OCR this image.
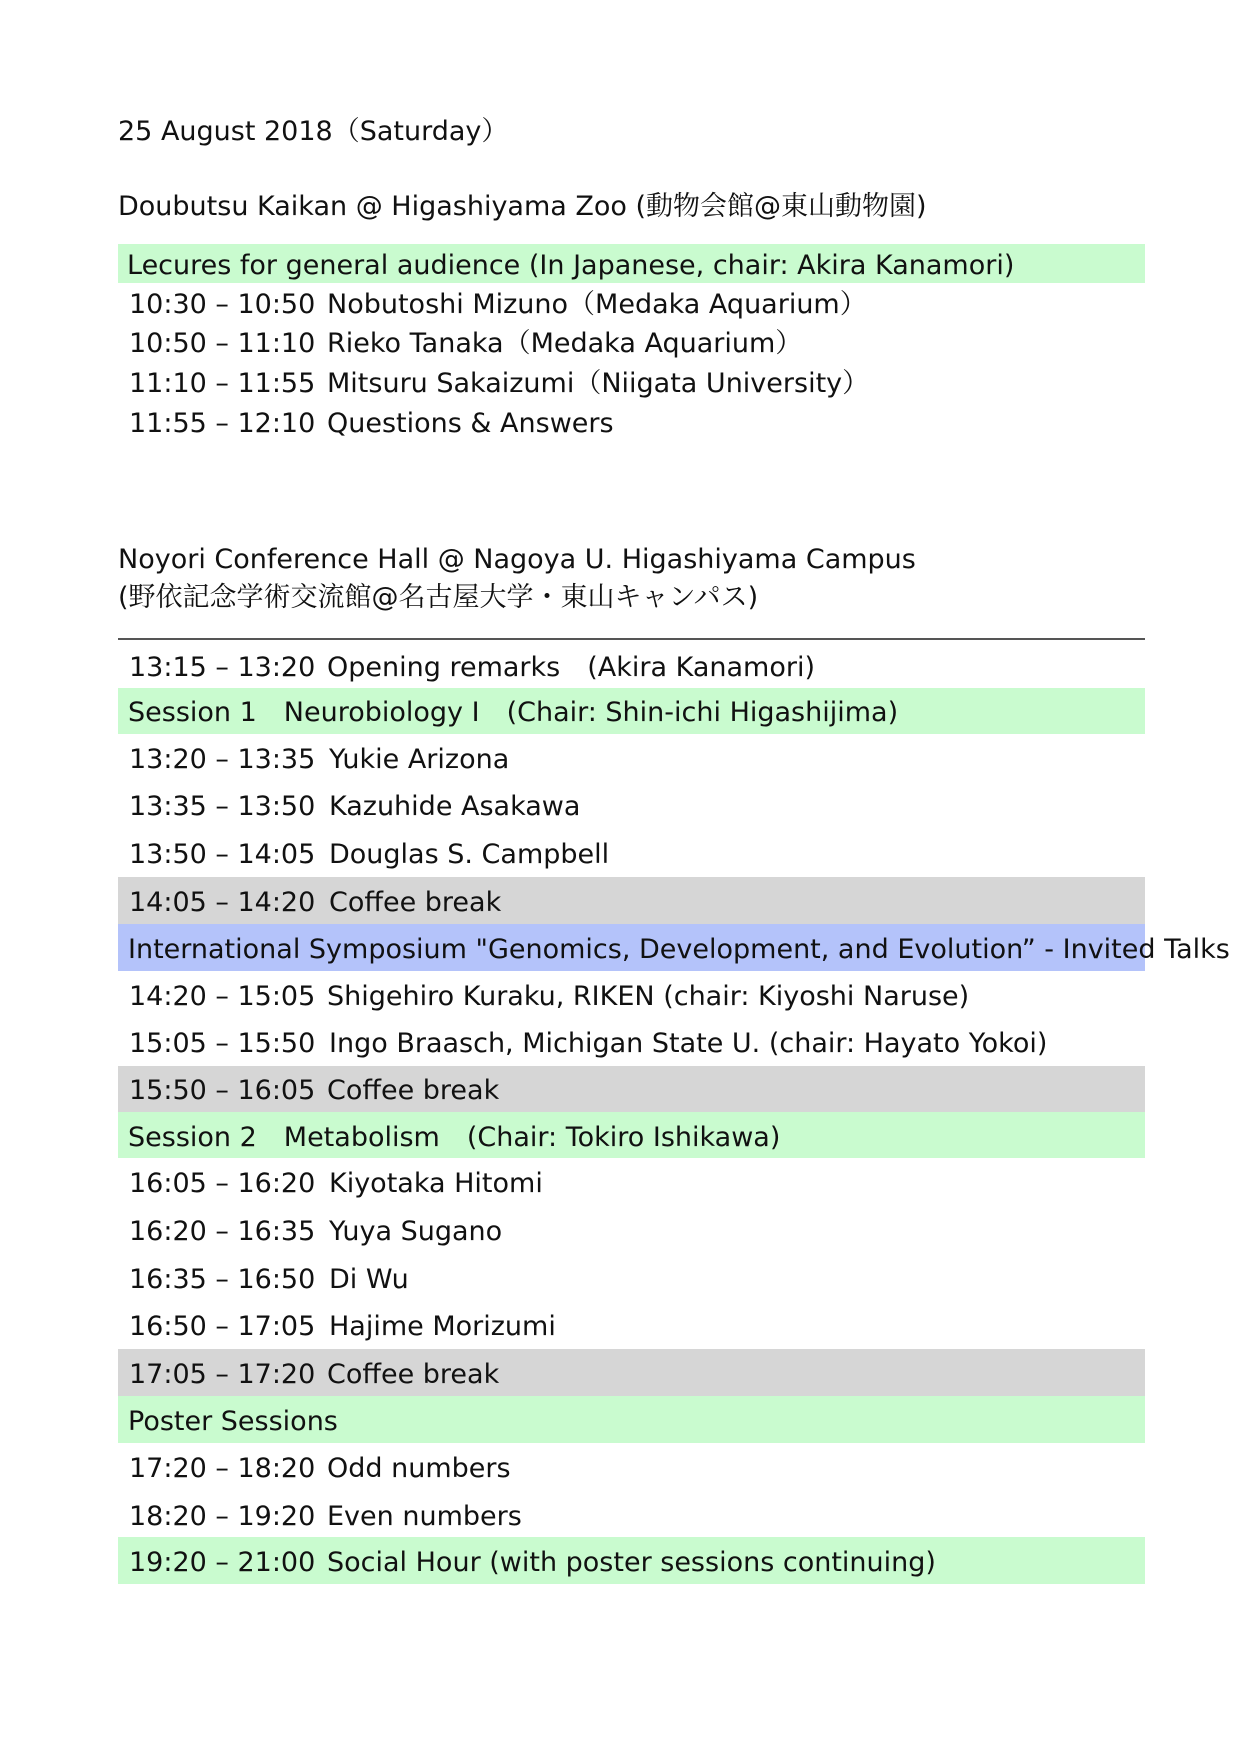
25 August 2018（Saturday）
Doubutsu Kaikan @ Higashiyama Zoo (動物会館@東山動物園)
Lecures for general audience (In Japanese, chair: Akira Kanamori)
10:30 – 10:50 Nobutoshi Mizuno（Medaka Aquarium）
10:50 – 11:10 Rieko Tanaka（Medaka Aquarium）
11:10 – 11:55 Mitsuru Sakaizumi（Niigata University）
11:55 – 12:10 Questions & Answers
Noyori Conference Hall @ Nagoya U. Higashiyama Campus
(野依記念学術交流館@名古屋大学・東山キャンパス)
13:15 – 13:20 Opening remarks　(Akira Kanamori)
Session 1　Neurobiology I　(Chair: Shin-ichi Higashijima)
13:20 – 13:35 Yukie Arizona
13:35 – 13:50 Kazuhide Asakawa
13:50 – 14:05 Douglas S. Campbell
14:05 – 14:20 Coffee break
International Symposium "Genomics, Development, and Evolution” - Invited Talks
14:20 – 15:05 Shigehiro Kuraku, RIKEN (chair: Kiyoshi Naruse)
15:05 – 15:50 Ingo Braasch, Michigan State U. (chair: Hayato Yokoi)
15:50 – 16:05 Coffee break
Session 2　Metabolism　(Chair: Tokiro Ishikawa)
16:05 – 16:20 Kiyotaka Hitomi
16:20 – 16:35 Yuya Sugano
16:35 – 16:50 Di Wu
16:50 – 17:05 Hajime Morizumi
17:05 – 17:20 Coffee break
Poster Sessions
17:20 – 18:20 Odd numbers
18:20 – 19:20 Even numbers
19:20 – 21:00 Social Hour (with poster sessions continuing)
